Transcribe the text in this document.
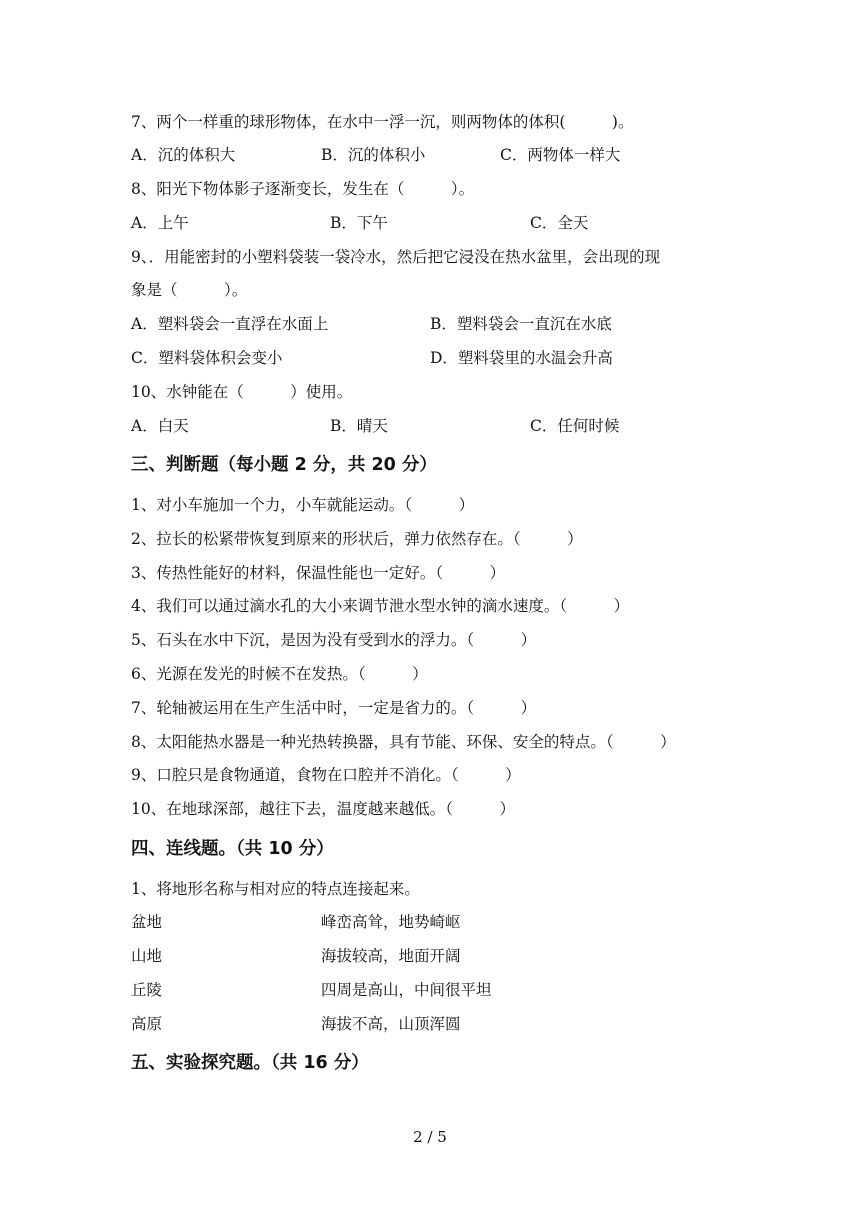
7、两个一样重的球形物体，在水中一浮一沉，则两物体的体积(　　　)。
A．沉的体积大	B．沉的体积小	C．两物体一样大
8、阳光下物体影子逐渐变长，发生在（　　　）。
A．上午	B．下午	C．全天
9、．用能密封的小塑料袋装一袋冷水，然后把它浸没在热水盆里，会出现的现
象是（　　　）。
A．塑料袋会一直浮在水面上	B．塑料袋会一直沉在水底
C．塑料袋体积会变小	D．塑料袋里的水温会升高
10、水钟能在（　　　）使用。
A．白天	B．晴天	C．任何时候
三、判断题（每小题 2 分，共 20 分）
1、对小车施加一个力，小车就能运动。（　　　）
2、拉长的松紧带恢复到原来的形状后，弹力依然存在。（　　　）
3、传热性能好的材料，保温性能也一定好。（　　　）
4、我们可以通过滴水孔的大小来调节泄水型水钟的滴水速度。（　　　）
5、石头在水中下沉，是因为没有受到水的浮力。（　　　）
6、光源在发光的时候不在发热。（　　　）
7、轮轴被运用在生产生活中时，一定是省力的。（　　　）
8、太阳能热水器是一种光热转换器，具有节能、环保、安全的特点。（　　　）
9、口腔只是食物通道，食物在口腔并不消化。（　　　）
10、在地球深部，越往下去，温度越来越低。（　　　）
四、连线题。（共 10 分）
1、将地形名称与相对应的特点连接起来。
盆地	峰峦高耸，地势崎岖
山地	海拔较高，地面开阔
丘陵	四周是高山，中间很平坦
高原	海拔不高，山顶浑圆
五、实验探究题。（共 16 分）
2 / 5
